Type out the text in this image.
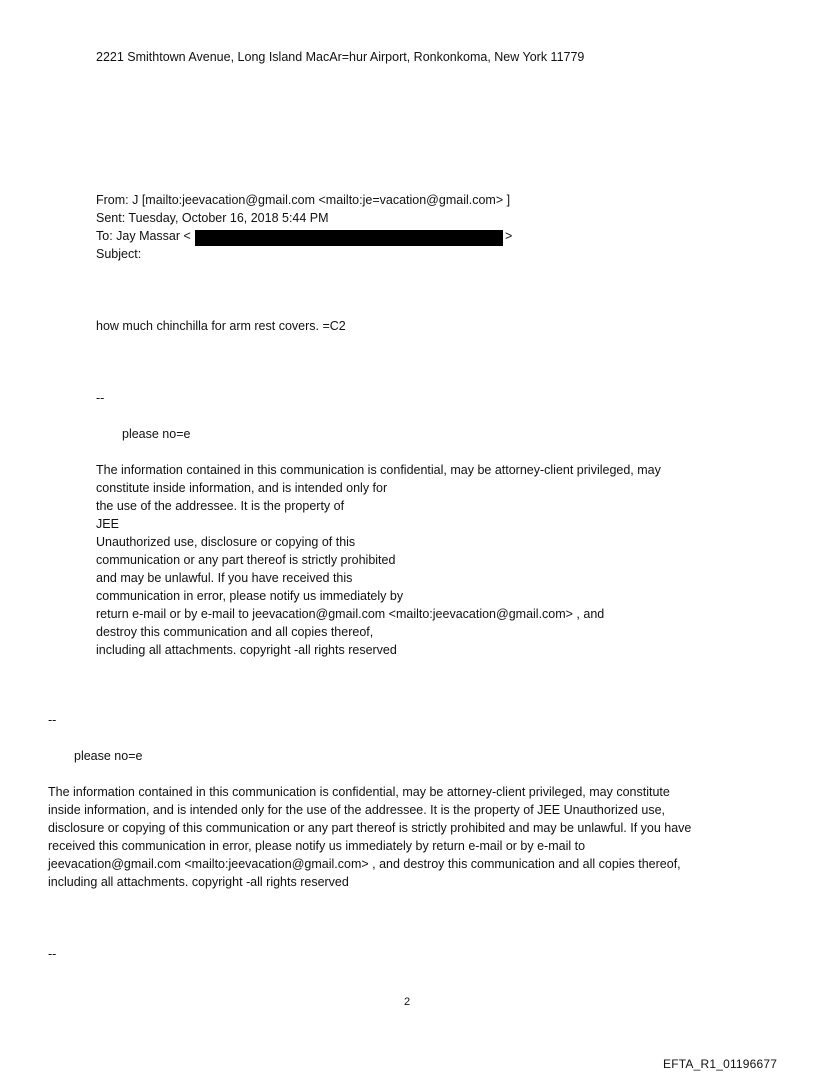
2221 Smithtown Avenue, Long Island MacAr=hur Airport, Ronkonkoma, New York 11779
From: J [mailto:jeevacation@gmail.com <mailto:je=vacation@gmail.com> ]
Sent: Tuesday, October 16, 2018 5:44 PM
To: Jay Massar <	>
Subject:
how much chinchilla for arm rest covers. =C2
--
please no=e
The information contained in this communication is confidential, may be attorney-client privileged, may
constitute inside information, and is intended only for
the use of the addressee. It is the property of
JEE
Unauthorized use, disclosure or copying of this
communication or any part thereof is strictly prohibited
and may be unlawful. If you have received this
communication in error, please notify us immediately by
return e-mail or by e-mail to jeevacation@gmail.com <mailto:jeevacation@gmail.com> , and
destroy this communication and all copies thereof,
including all attachments. copyright -all rights reserved
--
please no=e
The information contained in this communication is confidential, may be attorney-client privileged, may constitute
inside information, and is intended only for the use of the addressee. It is the property of JEE Unauthorized use,
disclosure or copying of this communication or any part thereof is strictly prohibited and may be unlawful. If you have
received this communication in error, please notify us immediately by return e-mail or by e-mail to
jeevacation@gmail.com <mailto:jeevacation@gmail.com> , and destroy this communication and all copies thereof,
including all attachments. copyright -all rights reserved
--
2
EFTA_R1_01196677
